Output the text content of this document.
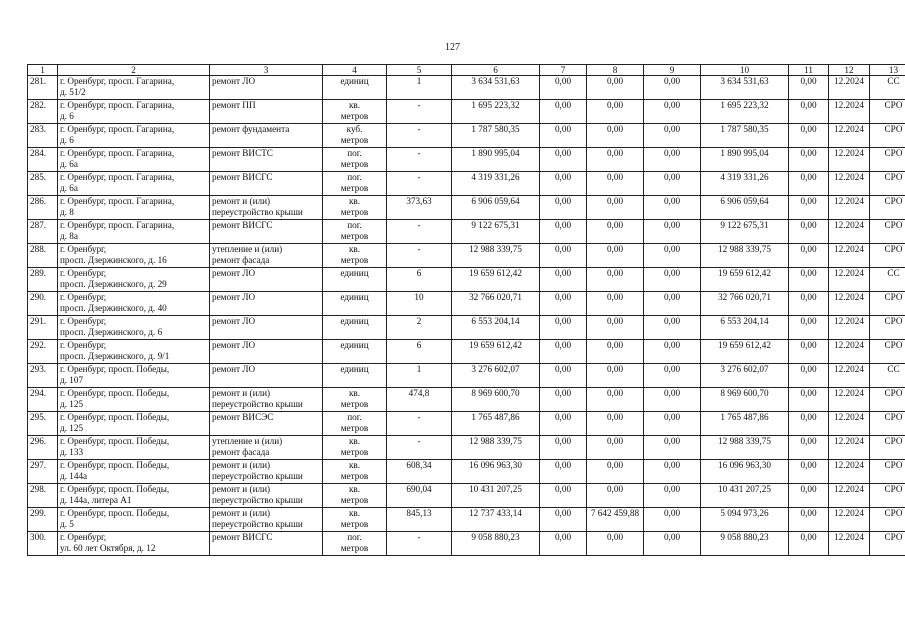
127
1	2	3	4	5	6	7	8	9	10	11	12	13
281.	г. Оренбург, просп. Гагарина,
д. 51/2	ремонт ЛО	единиц	1	3 634 531,63	0,00	0,00	0,00	3 634 531,63	0,00	12.2024	СС
282.	г. Оренбург, просп. Гагарина,
д. 6	ремонт ПП	кв.
метров	-	1 695 223,32	0,00	0,00	0,00	1 695 223,32	0,00	12.2024	СРО
283.	г. Оренбург, просп. Гагарина,
д. 6	ремонт фундамента	куб.
метров	-	1 787 580,35	0,00	0,00	0,00	1 787 580,35	0,00	12.2024	СРО
284.	г. Оренбург, просп. Гагарина,
д. 6а	ремонт ВИСТС	пог.
метров	-	1 890 995,04	0,00	0,00	0,00	1 890 995,04	0,00	12.2024	СРО
285.	г. Оренбург, просп. Гагарина,
д. 6а	ремонт ВИСГС	пог.
метров	-	4 319 331,26	0,00	0,00	0,00	4 319 331,26	0,00	12.2024	СРО
286.	г. Оренбург, просп. Гагарина,
д. 8	ремонт и (или)
переустройство крыши	кв.
метров	373,63	6 906 059,64	0,00	0,00	0,00	6 906 059,64	0,00	12.2024	СРО
287.	г. Оренбург, просп. Гагарина,
д. 8а	ремонт ВИСГС	пог.
метров	-	9 122 675,31	0,00	0,00	0,00	9 122 675,31	0,00	12.2024	СРО
288.	г. Оренбург,
просп. Дзержинского, д. 16	утепление и (или)
ремонт фасада	кв.
метров	-	12 988 339,75	0,00	0,00	0,00	12 988 339,75	0,00	12.2024	СРО
289.	г. Оренбург,
просп. Дзержинского, д. 29	ремонт ЛО	единиц	6	19 659 612,42	0,00	0,00	0,00	19 659 612,42	0,00	12.2024	СС
290.	г. Оренбург,
просп. Дзержинского, д. 40	ремонт ЛО	единиц	10	32 766 020,71	0,00	0,00	0,00	32 766 020,71	0,00	12.2024	СРО
291.	г. Оренбург,
просп. Дзержинского, д. 6	ремонт ЛО	единиц	2	6 553 204,14	0,00	0,00	0,00	6 553 204,14	0,00	12.2024	СРО
292.	г. Оренбург,
просп. Дзержинского, д. 9/1	ремонт ЛО	единиц	6	19 659 612,42	0,00	0,00	0,00	19 659 612,42	0,00	12.2024	СРО
293.	г. Оренбург, просп. Победы,
д. 107	ремонт ЛО	единиц	1	3 276 602,07	0,00	0,00	0,00	3 276 602,07	0,00	12.2024	СС
294.	г. Оренбург, просп. Победы,
д. 125	ремонт и (или)
переустройство крыши	кв.
метров	474,8	8 969 600,70	0,00	0,00	0,00	8 969 600,70	0,00	12.2024	СРО
295.	г. Оренбург, просп. Победы,
д. 125	ремонт ВИСЭС	пог.
метров	-	1 765 487,86	0,00	0,00	0,00	1 765 487,86	0,00	12.2024	СРО
296.	г. Оренбург, просп. Победы,
д. 133	утепление и (или)
ремонт фасада	кв.
метров	-	12 988 339,75	0,00	0,00	0,00	12 988 339,75	0,00	12.2024	СРО
297.	г. Оренбург, просп. Победы,
д. 144а	ремонт и (или)
переустройство крыши	кв.
метров	608,34	16 096 963,30	0,00	0,00	0,00	16 096 963,30	0,00	12.2024	СРО
298.	г. Оренбург, просп. Победы,
д. 144а, литера А1	ремонт и (или)
переустройство крыши	кв.
метров	690,04	10 431 207,25	0,00	0,00	0,00	10 431 207,25	0,00	12.2024	СРО
299.	г. Оренбург, просп. Победы,
д. 5	ремонт и (или)
переустройство крыши	кв.
метров	845,13	12 737 433,14	0,00	7 642 459,88	0,00	5 094 973,26	0,00	12.2024	СРО
300.	г. Оренбург,
ул. 60 лет Октября, д. 12	ремонт ВИСГС	пог.
метров	-	9 058 880,23	0,00	0,00	0,00	9 058 880,23	0,00	12.2024	СРО
